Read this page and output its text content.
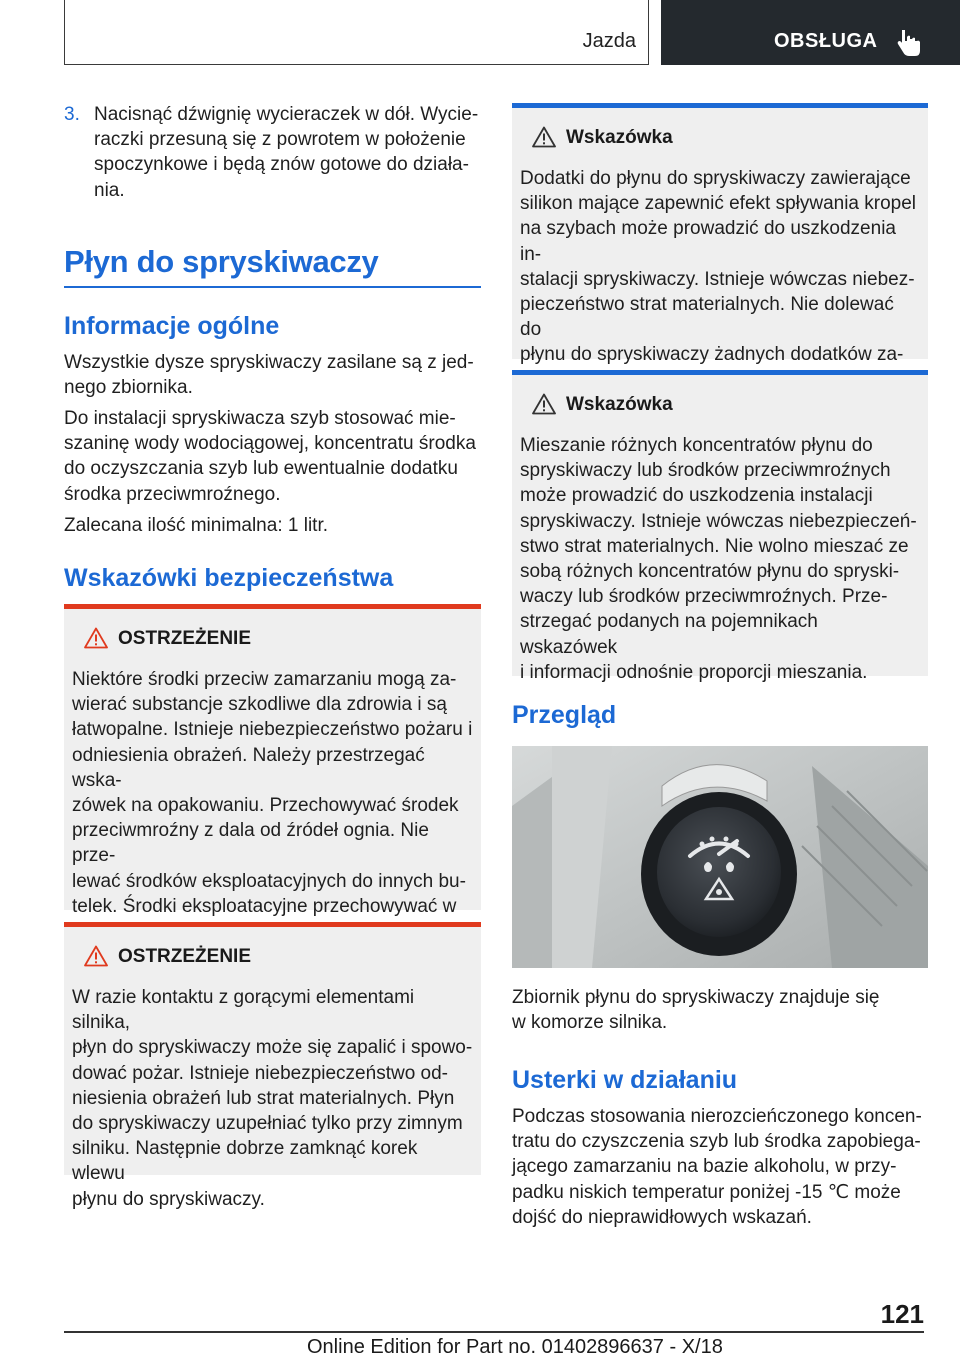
Jazda	OBSŁUGA
3. Nacisnąć dźwignię wycieraczek w dół. Wycie‐
raczki przesuną się z powrotem w położenie
spoczynkowe i będą znów gotowe do działa‐
nia.
Płyn do spryskiwaczy
Informacje ogólne
Wszystkie dysze spryskiwaczy zasilane są z jed‐
nego zbiornika.
Do instalacji spryskiwacza szyb stosować mie‐
szaninę wody wodociągowej, koncentratu środka
do oczyszczania szyb lub ewentualnie dodatku
środka przeciwmroźnego.
Zalecana ilość minimalna: 1 litr.
Wskazówki bezpieczeństwa
OSTRZEŻENIE
Niektóre środki przeciw zamarzaniu mogą za‐
wierać substancje szkodliwe dla zdrowia i są
łatwopalne. Istnieje niebezpieczeństwo pożaru i
odniesienia obrażeń. Należy przestrzegać wska‐
zówek na opakowaniu. Przechowywać środek
przeciwmroźny z dala od źródeł ognia. Nie prze‐
lewać środków eksploatacyjnych do innych bu‐
telek. Środki eksploatacyjne przechowywać w
OSTRZEŻENIE
W razie kontaktu z gorącymi elementami silnika,
płyn do spryskiwaczy może się zapalić i spowo‐
dować pożar. Istnieje niebezpieczeństwo od‐
niesienia obrażeń lub strat materialnych. Płyn
do spryskiwaczy uzupełniać tylko przy zimnym
silniku. Następnie dobrze zamknąć korek wlewu
płynu do spryskiwaczy.
Wskazówka
Dodatki do płynu do spryskiwaczy zawierające
silikon mające zapewnić efekt spływania kropel
na szybach może prowadzić do uszkodzenia in‐
stalacji spryskiwaczy. Istnieje wówczas niebez‐
pieczeństwo strat materialnych. Nie dolewać do
płynu do spryskiwaczy żadnych dodatków za‐
Wskazówka
Mieszanie różnych koncentratów płynu do
spryskiwaczy lub środków przeciwmroźnych
może prowadzić do uszkodzenia instalacji
spryskiwaczy. Istnieje wówczas niebezpieczeń‐
stwo strat materialnych. Nie wolno mieszać ze
sobą różnych koncentratów płynu do spryski‐
waczy lub środków przeciwmroźnych. Prze‐
strzegać podanych na pojemnikach wskazówek
i informacji odnośnie proporcji mieszania.
Przegląd
Zbiornik płynu do spryskiwaczy znajduje się
w komorze silnika.
Usterki w działaniu
Podczas stosowania nierozcieńczonego koncen‐
tratu do czyszczenia szyb lub środka zapobiega‐
jącego zamarzaniu na bazie alkoholu, w przy‐
padku niskich temperatur poniżej -15 ℃ może
dojść do nieprawidłowych wskazań.
121
Online Edition for Part no. 01402896637 - X/18
